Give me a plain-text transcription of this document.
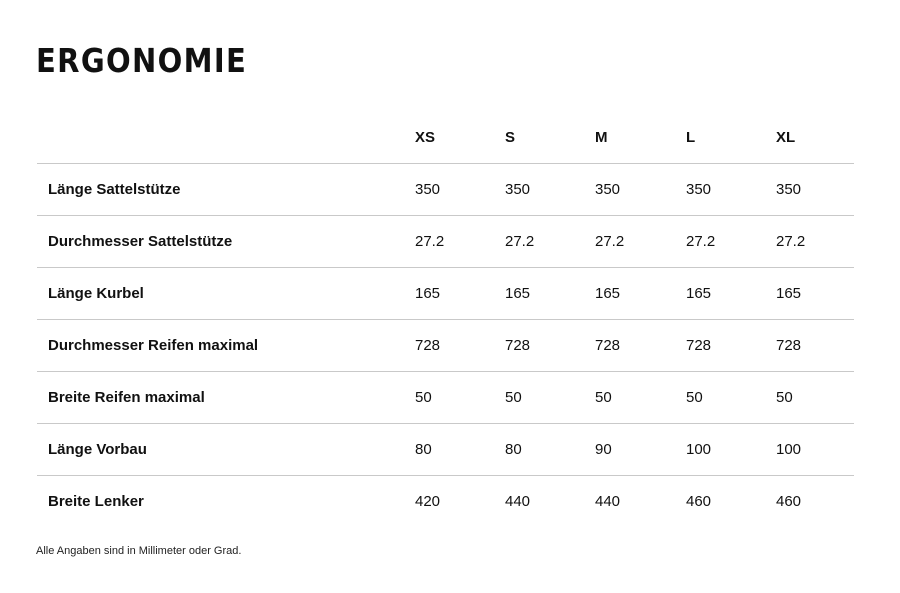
ERGONOMIE
	XS	S	M	L	XL
Länge Sattelstütze	350	350	350	350	350
Durchmesser Sattelstütze	27.2	27.2	27.2	27.2	27.2
Länge Kurbel	165	165	165	165	165
Durchmesser Reifen maximal	728	728	728	728	728
Breite Reifen maximal	50	50	50	50	50
Länge Vorbau	80	80	90	100	100
Breite Lenker	420	440	440	460	460

Alle Angaben sind in Millimeter oder Grad.
